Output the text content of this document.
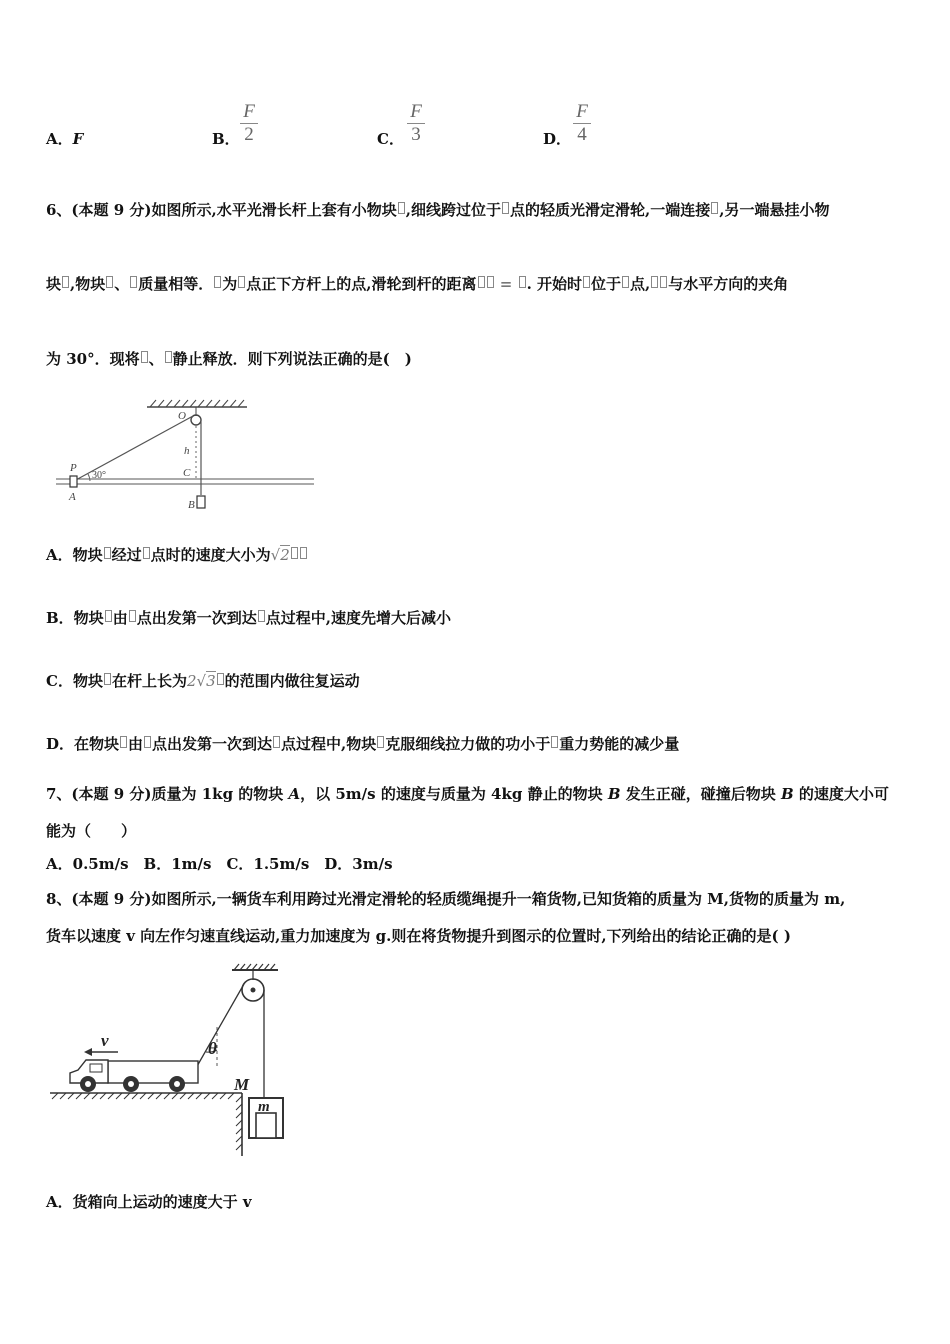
A．F	B．
F
2	C．
F
3	D．
F
4
6、(本题 9 分)如图所示,水平光滑长杆上套有小物块 ,细线跨过位于 点的轻质光滑定滑轮,一端连接 ,另一端悬挂小物
块 ,物块 、 质量相等． 为 点正下方杆上的点,滑轮到杆的距离 = . 开始时 位于 点, 与水平方向的夹角
为 30°．现将 、 静止释放．则下列说法正确的是(　)
O
h
P	C
A
B
30°
A．物块 经过 点时的速度大小为√2
B．物块 由 点出发第一次到达 点过程中,速度先增大后减小
C．物块 在杆上长为2√3 的范围内做往复运动
D．在物块 由 点出发第一次到达 点过程中,物块 克服细线拉力做的功小于 重力势能的减少量
7、(本题 9 分)质量为 1kg 的物块 A，以 5m/s 的速度与质量为 4kg 静止的物块 B 发生正碰，碰撞后物块 B 的速度大小可
能为（　　）
A．0.5m/s　B．1m/s　C．1.5m/s　D．3m/s
8、(本题 9 分)如图所示,一辆货车利用跨过光滑定滑轮的轻质缆绳提升一箱货物,已知货箱的质量为 M,货物的质量为 m,
货车以速度 v 向左作匀速直线运动,重力加速度为 g.则在将货物提升到图示的位置时,下列给出的结论正确的是( )
v	θ
M
m
A．货箱向上运动的速度大于 v
